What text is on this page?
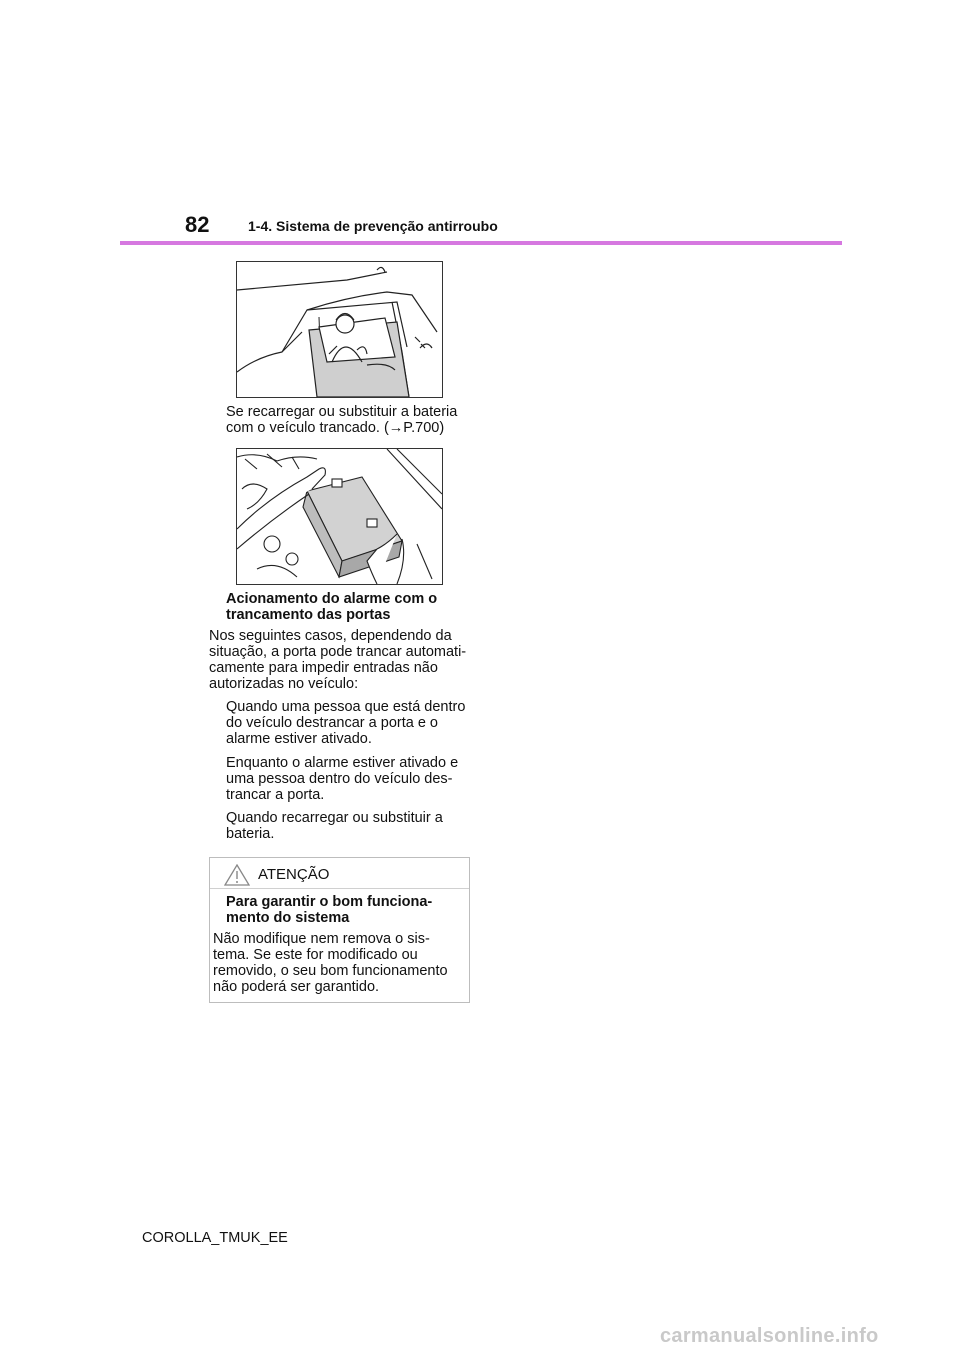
82	1-4. Sistema de prevenção antirroubo

Se recarregar ou substituir a bateria

com o veículo trancado. (→P.700)

Acionamento do alarme com o

trancamento das portas

Nos seguintes casos, dependendo da

situação, a porta pode trancar automati-

camente para impedir entradas não

autorizadas no veículo:

Quando uma pessoa que está dentro

do veículo destrancar a porta e o

alarme estiver ativado.

Enquanto o alarme estiver ativado e

uma pessoa dentro do veículo des-

trancar a porta.

Quando recarregar ou substituir a

bateria.

ATENÇÃO

Para garantir o bom funciona-

mento do sistema

Não modifique nem remova o sis-

tema. Se este for modificado ou

removido, o seu bom funcionamento

não poderá ser garantido.

COROLLA_TMUK_EE
carmanualsonline.info
